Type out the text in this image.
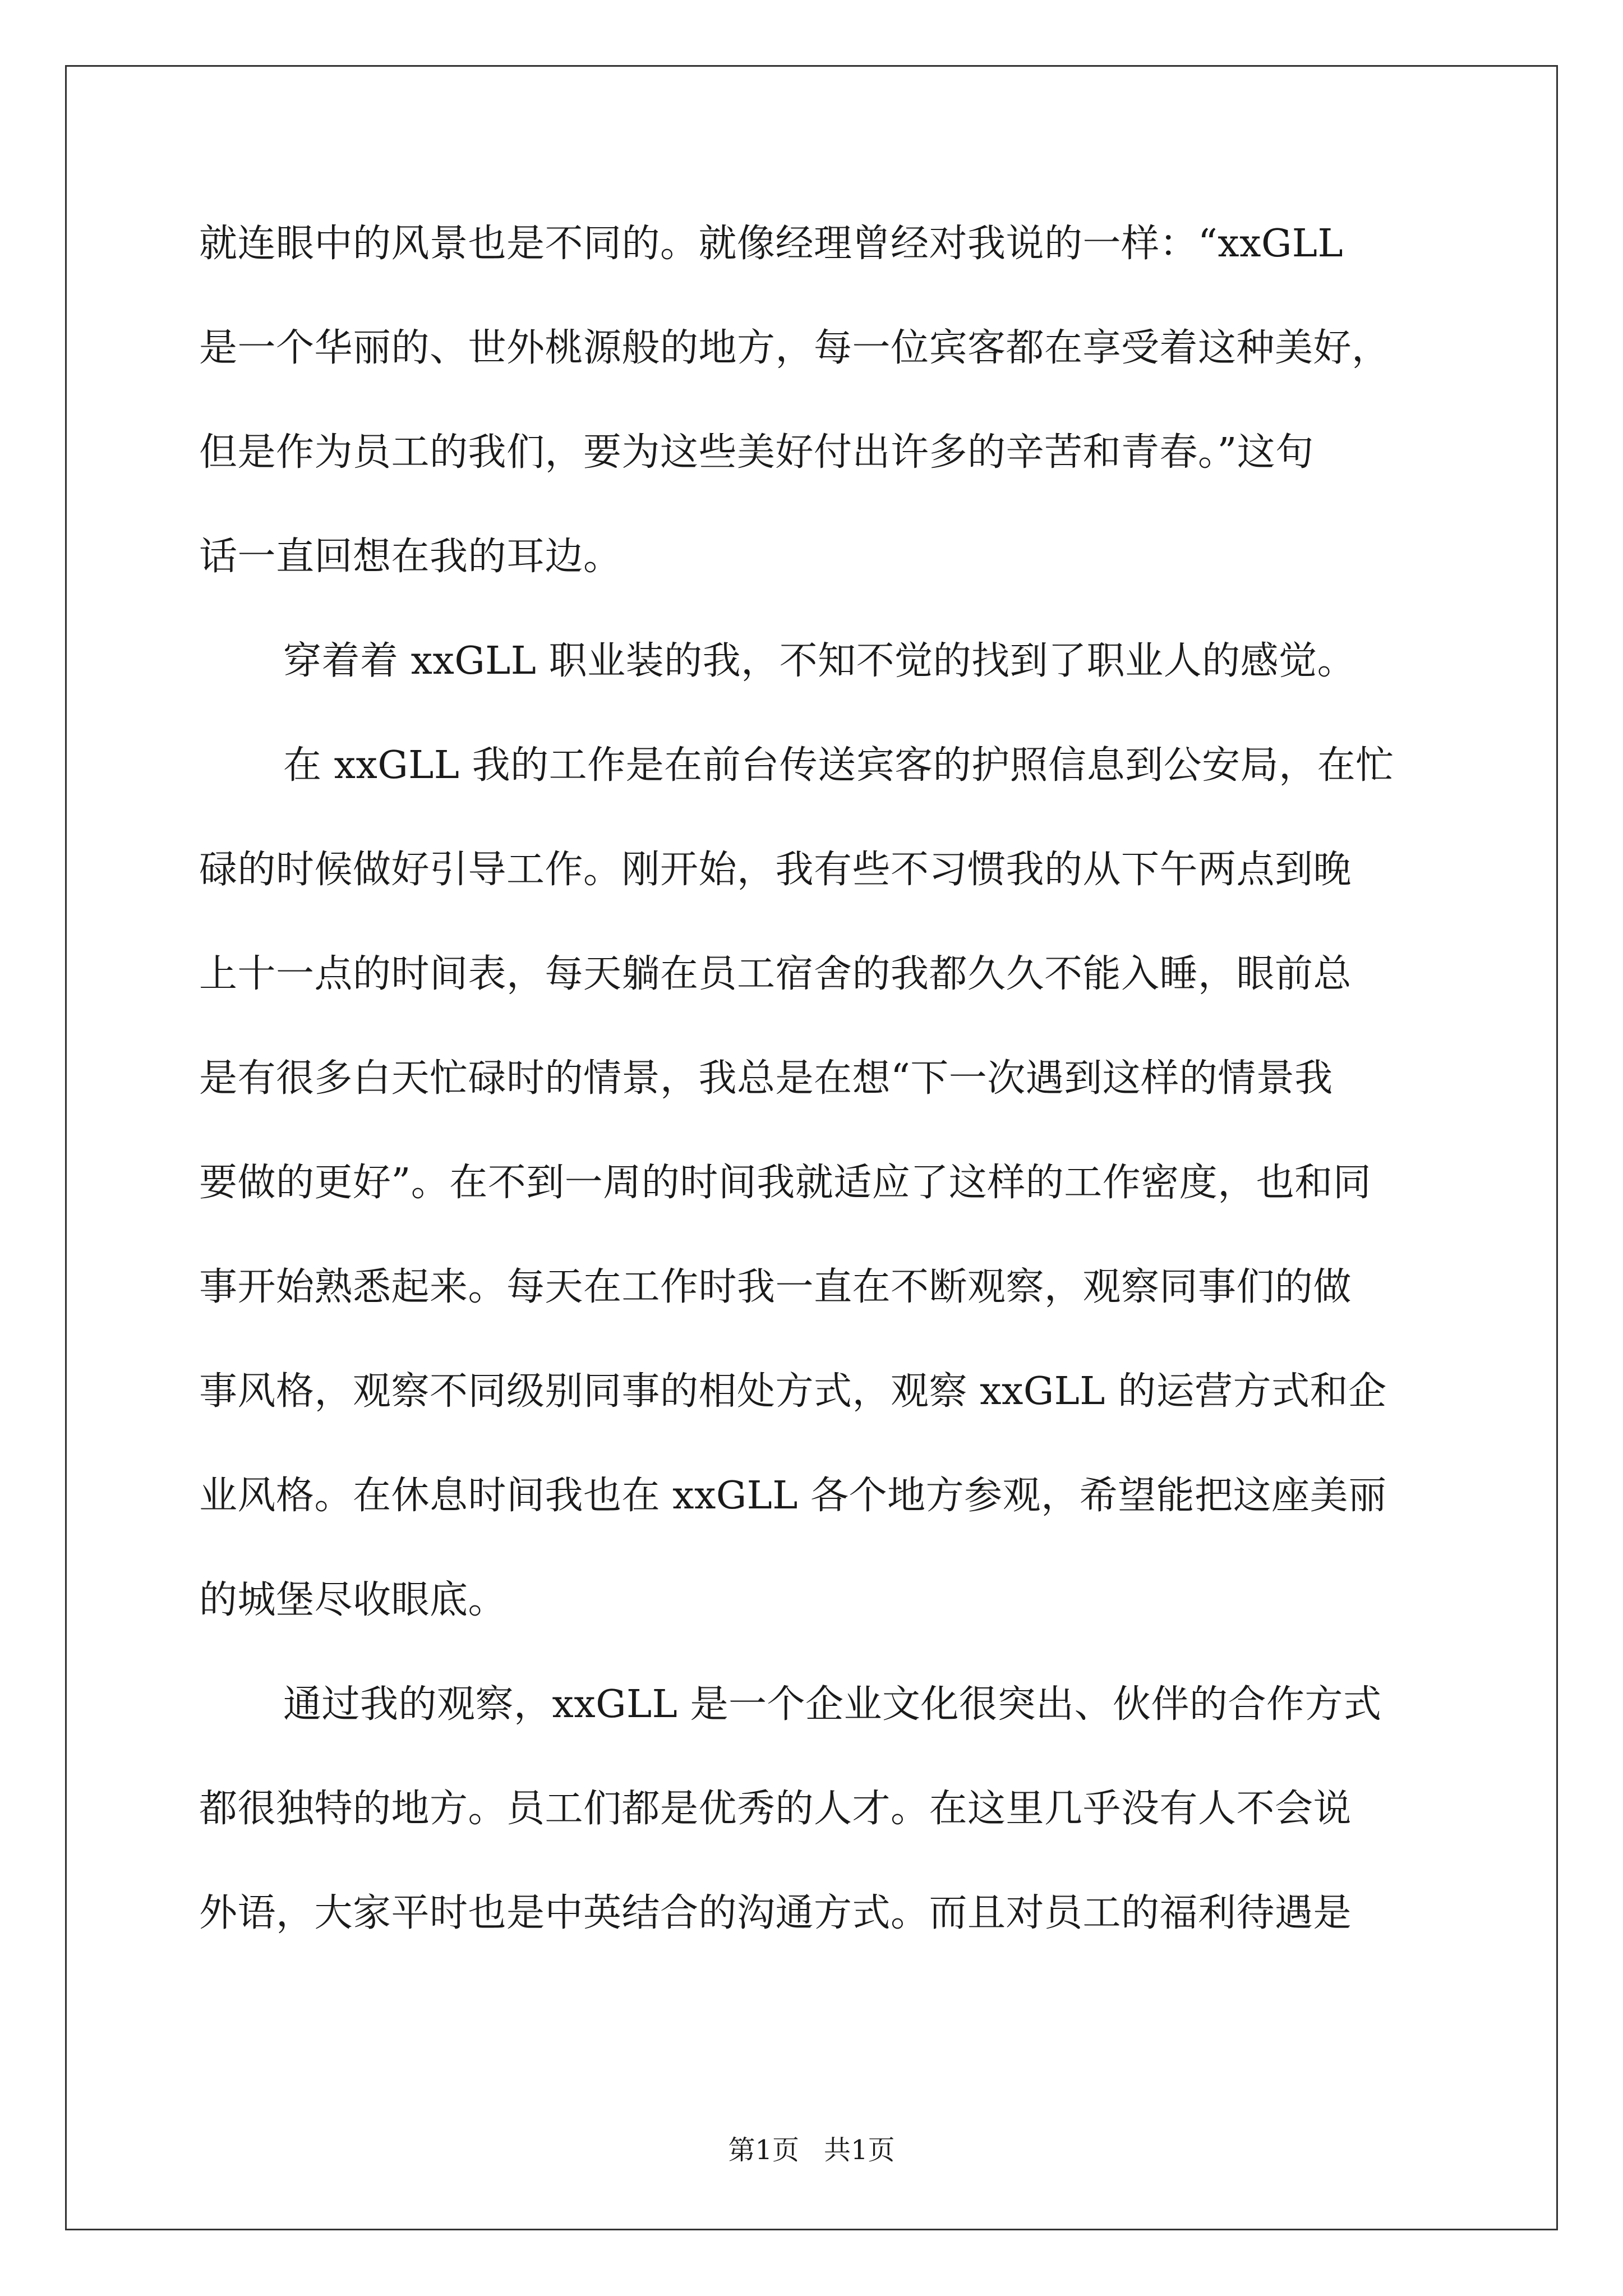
就连眼中的风景也是不同的。就像经理曾经对我说的一样：“xxGLL
是一个华丽的、世外桃源般的地方，每一位宾客都在享受着这种美好，
但是作为员工的我们，要为这些美好付出许多的辛苦和青春。”这句
话一直回想在我的耳边。
穿着着 xxGLL 职业装的我，不知不觉的找到了职业人的感觉。
在 xxGLL 我的工作是在前台传送宾客的护照信息到公安局，在忙
碌的时候做好引导工作。刚开始，我有些不习惯我的从下午两点到晚
上十一点的时间表，每天躺在员工宿舍的我都久久不能入睡，眼前总
是有很多白天忙碌时的情景，我总是在想“下一次遇到这样的情景我
要做的更好”。在不到一周的时间我就适应了这样的工作密度，也和同
事开始熟悉起来。每天在工作时我一直在不断观察，观察同事们的做
事风格，观察不同级别同事的相处方式，观察 xxGLL 的运营方式和企
业风格。在休息时间我也在 xxGLL 各个地方参观，希望能把这座美丽
的城堡尽收眼底。
通过我的观察，xxGLL 是一个企业文化很突出、伙伴的合作方式
都很独特的地方。员工们都是优秀的人才。在这里几乎没有人不会说
外语，大家平时也是中英结合的沟通方式。而且对员工的福利待遇是
第1页 共1页
